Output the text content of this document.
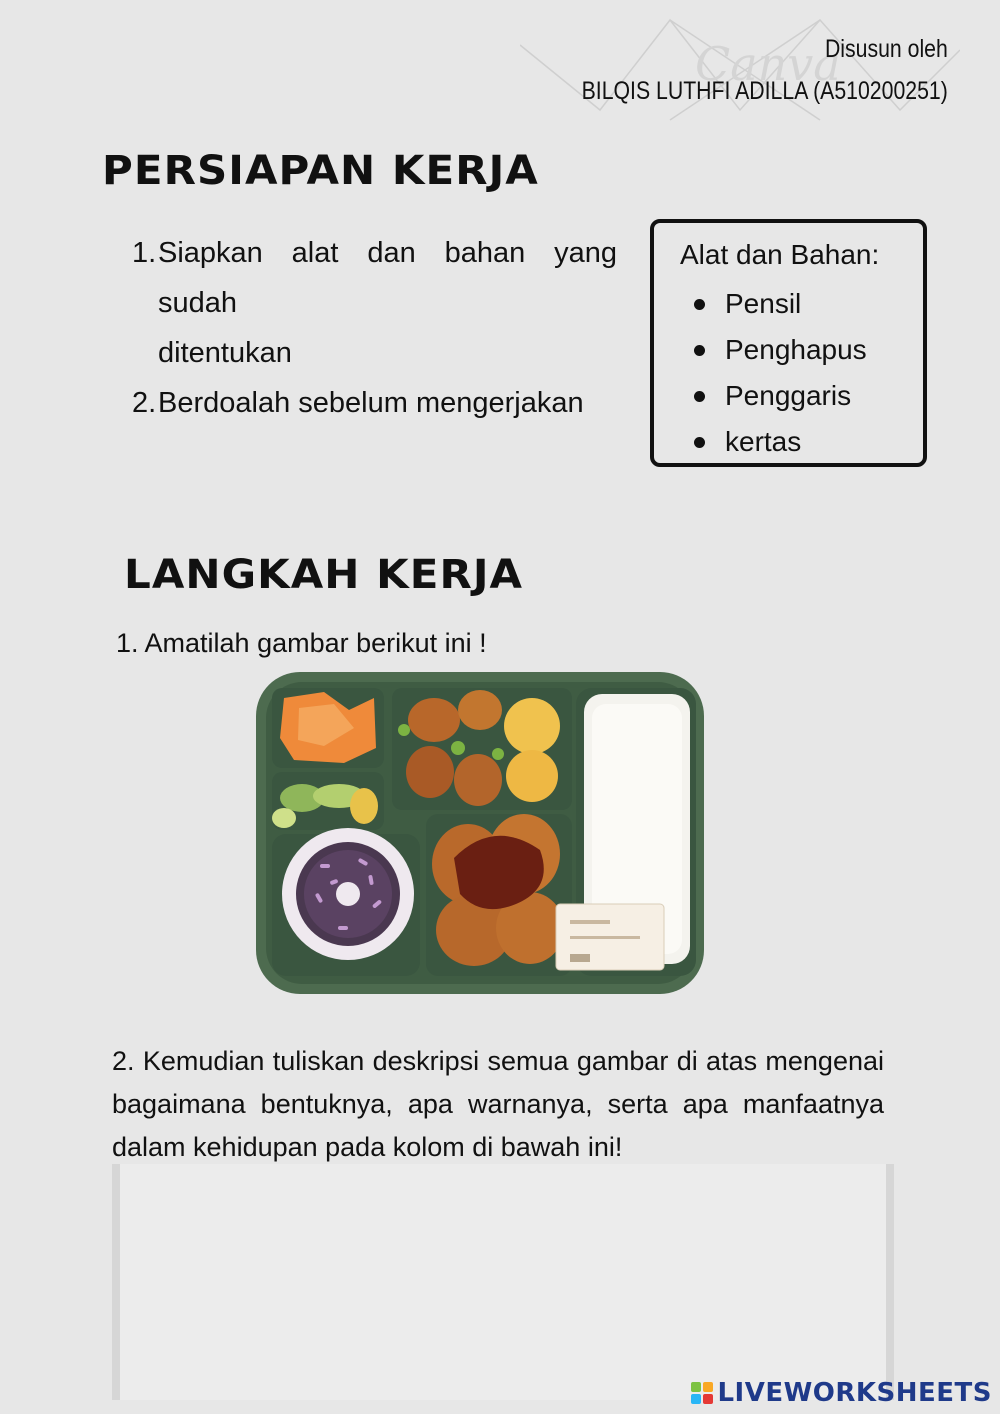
Canva
Disusun oleh
BILQIS LUTHFI ADILLA (A510200251)
PERSIAPAN KERJA
1. Siapkan alat dan bahan yang sudah
ditentukan
2. Berdoalah sebelum mengerjakan
Alat dan Bahan:
Pensil
Penghapus
Penggaris
kertas
LANGKAH KERJA
1. Amatilah gambar berikut ini !
2. Kemudian tuliskan deskripsi semua gambar di atas mengenai bagaimana bentuknya, apa warnanya, serta apa manfaatnya dalam kehidupan pada kolom di bawah ini!
LIVEWORKSHEETS
